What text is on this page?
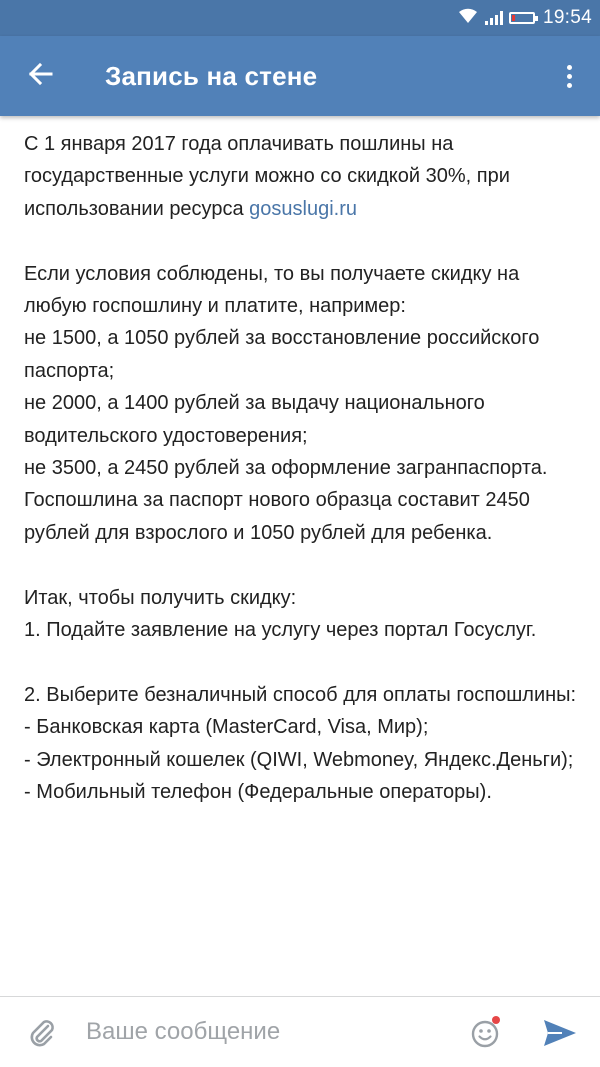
19:54
Запись на стене

С 1 января 2017 года оплачивать пошлины на государственные услуги можно со скидкой 30%, при использовании ресурса gosuslugi.ru

Если условия соблюдены, то вы получаете скидку на любую госпошлину и платите, например:

не 1500, а 1050 рублей за восстановление российского паспорта;

не 2000, а 1400 рублей за выдачу национального водительского удостоверения;

не 3500, а 2450 рублей за оформление загранпаспорта.

Госпошлина за паспорт нового образца составит 2450 рублей для взрослого и 1050 рублей для ребенка.

Итак, чтобы получить скидку:

1. Подайте заявление на услугу через портал Госуслуг.

2. Выберите безналичный способ для оплаты госпошлины:

- Банковская карта (MasterCard, Visa, Мир);

- Электронный кошелек (QIWI, Webmoney, Яндекс.Деньги);

- Мобильный телефон (Федеральные операторы).

Ваше сообщение
